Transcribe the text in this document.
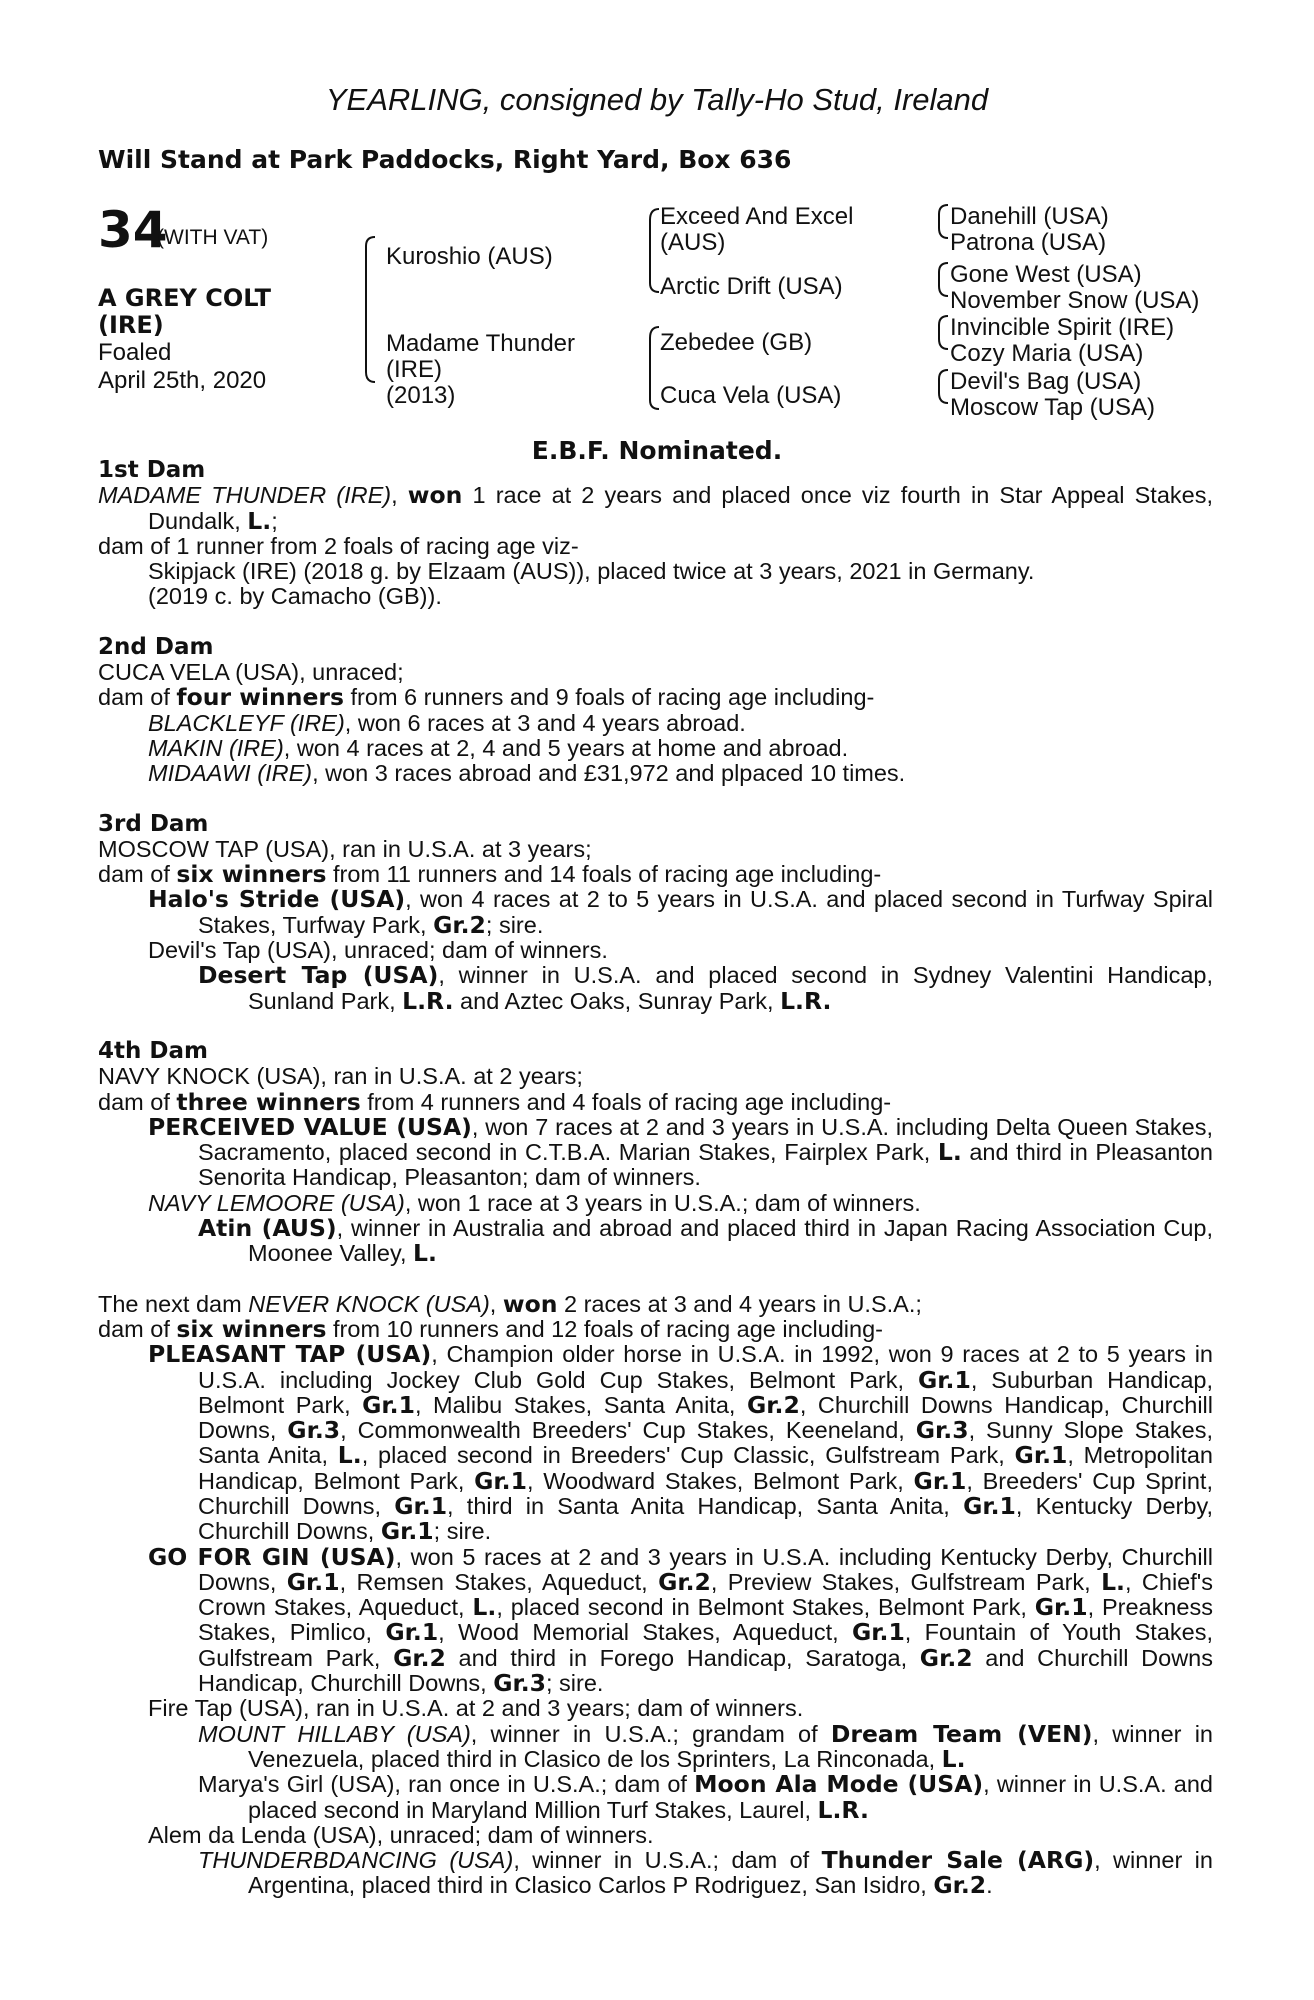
YEARLING, consigned by Tally-Ho Stud, Ireland
Will Stand at Park Paddocks, Right Yard, Box 636
34
(WITH VAT)
A GREY COLT
(IRE)
Foaled
April 25th, 2020
Kuroshio (AUS)
Madame Thunder
(IRE)
(2013)
Exceed And Excel
(AUS)
Arctic Drift (USA)
Zebedee (GB)
Cuca Vela (USA)
Danehill (USA)
Patrona (USA)
Gone West (USA)
November Snow (USA)
Invincible Spirit (IRE)
Cozy Maria (USA)
Devil's Bag (USA)
Moscow Tap (USA)
E.B.F. Nominated.

1st Dam

MADAME THUNDER (IRE), won 1 race at 2 years and placed once viz fourth in Star Appeal Stakes, Dundalk, L.;

dam of 1 runner from 2 foals of racing age viz-

Skipjack (IRE) (2018 g. by Elzaam (AUS)), placed twice at 3 years, 2021 in Germany.

(2019 c. by Camacho (GB)).

2nd Dam

CUCA VELA (USA), unraced;

dam of four winners from 6 runners and 9 foals of racing age including-

BLACKLEYF (IRE), won 6 races at 3 and 4 years abroad.

MAKIN (IRE), won 4 races at 2, 4 and 5 years at home and abroad.

MIDAAWI (IRE), won 3 races abroad and £31,972 and plpaced 10 times.

3rd Dam

MOSCOW TAP (USA), ran in U.S.A. at 3 years;

dam of six winners from 11 runners and 14 foals of racing age including-

Halo's Stride (USA), won 4 races at 2 to 5 years in U.S.A. and placed second in Turfway Spiral Stakes, Turfway Park, Gr.2; sire.

Devil's Tap (USA), unraced; dam of winners.

Desert Tap (USA), winner in U.S.A. and placed second in Sydney Valentini Handicap, Sunland Park, L.R. and Aztec Oaks, Sunray Park, L.R.

4th Dam

NAVY KNOCK (USA), ran in U.S.A. at 2 years;

dam of three winners from 4 runners and 4 foals of racing age including-

PERCEIVED VALUE (USA), won 7 races at 2 and 3 years in U.S.A. including Delta Queen Stakes, Sacramento, placed second in C.T.B.A. Marian Stakes, Fairplex Park, L. and third in Pleasanton Senorita Handicap, Pleasanton; dam of winners.

NAVY LEMOORE (USA), won 1 race at 3 years in U.S.A.; dam of winners.

Atin (AUS), winner in Australia and abroad and placed third in Japan Racing Association Cup, Moonee Valley, L.

The next dam NEVER KNOCK (USA), won 2 races at 3 and 4 years in U.S.A.;

dam of six winners from 10 runners and 12 foals of racing age including-

PLEASANT TAP (USA), Champion older horse in U.S.A. in 1992, won 9 races at 2 to 5 years in U.S.A. including Jockey Club Gold Cup Stakes, Belmont Park, Gr.1, Suburban Handicap, Belmont Park, Gr.1, Malibu Stakes, Santa Anita, Gr.2, Churchill Downs Handicap, Churchill Downs, Gr.3, Commonwealth Breeders' Cup Stakes, Keeneland, Gr.3, Sunny Slope Stakes, Santa Anita, L., placed second in Breeders' Cup Classic, Gulfstream Park, Gr.1, Metropolitan Handicap, Belmont Park, Gr.1, Woodward Stakes, Belmont Park, Gr.1, Breeders' Cup Sprint, Churchill Downs, Gr.1, third in Santa Anita Handicap, Santa Anita, Gr.1, Kentucky Derby, Churchill Downs, Gr.1; sire.

GO FOR GIN (USA), won 5 races at 2 and 3 years in U.S.A. including Kentucky Derby, Churchill Downs, Gr.1, Remsen Stakes, Aqueduct, Gr.2, Preview Stakes, Gulfstream Park, L., Chief's Crown Stakes, Aqueduct, L., placed second in Belmont Stakes, Belmont Park, Gr.1, Preakness Stakes, Pimlico, Gr.1, Wood Memorial Stakes, Aqueduct, Gr.1, Fountain of Youth Stakes, Gulfstream Park, Gr.2 and third in Forego Handicap, Saratoga, Gr.2 and Churchill Downs Handicap, Churchill Downs, Gr.3; sire.

Fire Tap (USA), ran in U.S.A. at 2 and 3 years; dam of winners.

MOUNT HILLABY (USA), winner in U.S.A.; grandam of Dream Team (VEN), winner in Venezuela, placed third in Clasico de los Sprinters, La Rinconada, L.

Marya's Girl (USA), ran once in U.S.A.; dam of Moon Ala Mode (USA), winner in U.S.A. and placed second in Maryland Million Turf Stakes, Laurel, L.R.

Alem da Lenda (USA), unraced; dam of winners.

THUNDERBDANCING (USA), winner in U.S.A.; dam of Thunder Sale (ARG), winner in Argentina, placed third in Clasico Carlos P Rodriguez, San Isidro, Gr.2.
